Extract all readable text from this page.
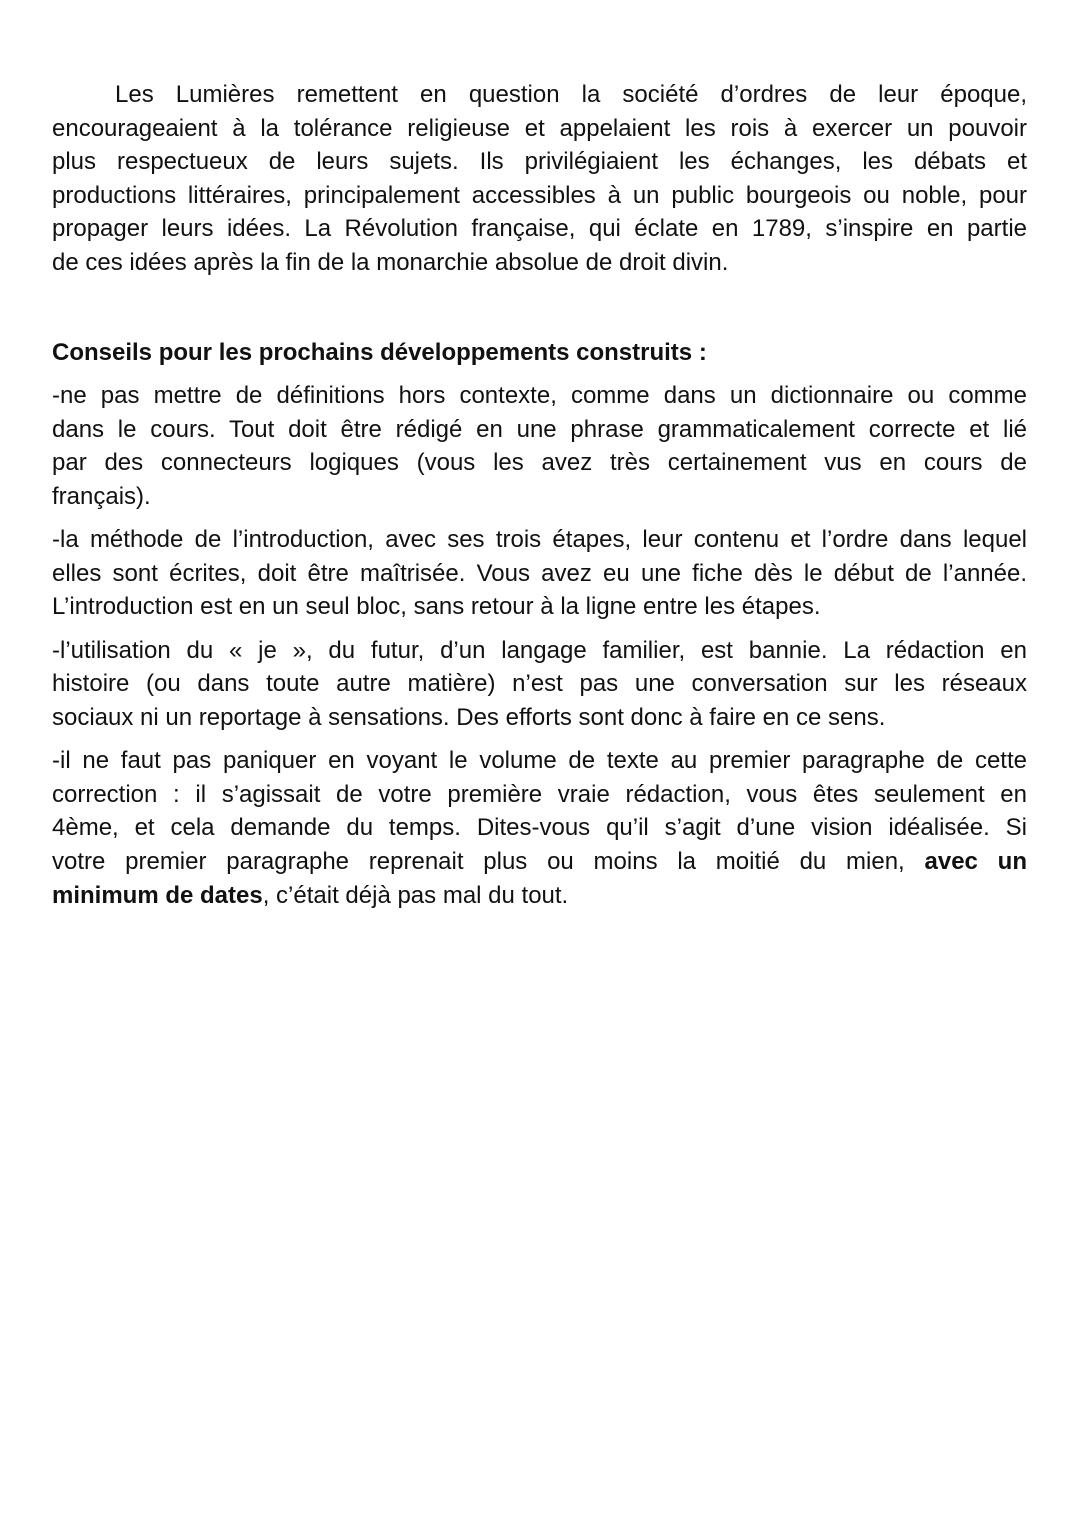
Les Lumières remettent en question la société d’ordres de leur époque,
encourageaient à la tolérance religieuse et appelaient les rois à exercer un pouvoir
plus respectueux de leurs sujets. Ils privilégiaient les échanges, les débats et
productions littéraires, principalement accessibles à un public bourgeois ou noble, pour
propager leurs idées. La Révolution française, qui éclate en 1789, s’inspire en partie
de ces idées après la fin de la monarchie absolue de droit divin.
Conseils pour les prochains développements construits :
-ne pas mettre de définitions hors contexte, comme dans un dictionnaire ou comme
dans le cours. Tout doit être rédigé en une phrase grammaticalement correcte et lié
par des connecteurs logiques (vous les avez très certainement vus en cours de
français).
-la méthode de l’introduction, avec ses trois étapes, leur contenu et l’ordre dans lequel
elles sont écrites, doit être maîtrisée. Vous avez eu une fiche dès le début de l’année.
L’introduction est en un seul bloc, sans retour à la ligne entre les étapes.
-l’utilisation du « je », du futur, d’un langage familier, est bannie. La rédaction en
histoire (ou dans toute autre matière) n’est pas une conversation sur les réseaux
sociaux ni un reportage à sensations. Des efforts sont donc à faire en ce sens.
-il ne faut pas paniquer en voyant le volume de texte au premier paragraphe de cette
correction : il s’agissait de votre première vraie rédaction, vous êtes seulement en
4ème, et cela demande du temps. Dites-vous qu’il s’agit d’une vision idéalisée. Si
votre premier paragraphe reprenait plus ou moins la moitié du mien, avec un
minimum de dates, c’était déjà pas mal du tout.
